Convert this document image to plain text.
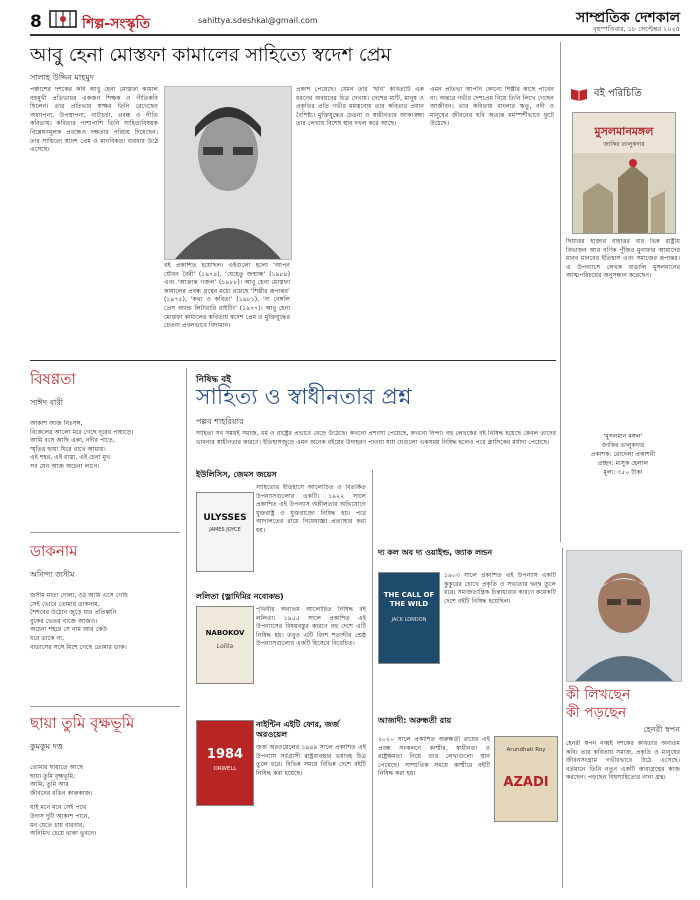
8	শিল্প-সংস্কৃতি	sahittya.sdeshkal@gmail.com	সাম্প্রতিক দেশকাল
বৃহস্পতিবার, ১৮ সেপ্টেম্বর ২০২৫
আবু হেনা মোস্তফা কামালের সাহিত্যে স্বদেশ প্রেম
সালাহ উদ্দিন মাহমুদ
পঞ্চাশের দশকের কবি আবু হেনা মোস্তফা কামাল বহুমুখী প্রতিভাধর একজন শিক্ষক ও গীতিকবি ছিলেন। তার প্রতিভার স্বাক্ষর তিনি রেখেছেন অধ্যাপনা, উপস্থাপনা, নাট্যচর্চা, প্রবন্ধ ও গীতি কবিতায়। কবিতার পাশাপাশি তিনি সাহিত্যবিষয়ক বিশ্লেষণমূলক প্রবন্ধেও দক্ষতার পরিচয় দিয়েছেন। তার সাহিত্যে স্বদেশ প্রেম ও মানবিকতা বারবার উঠে এসেছে।
বই প্রকাশিত হয়েছিল। এইগুলো হলো ‘আপন যৌবন বৈরী’ (১৯৭৪), ‘যেহেতু জন্মান্ধ’ (১৯৮৪) এবং ‘আক্রান্ত গজল’ (১৯৮৮)। আবু হেনা মোস্তফা কামালের প্রবন্ধ গ্রন্থের মধ্যে রয়েছে ‘শিল্পীর রূপান্তর’ (১৯৭৫), ‘কথা ও কবিতা’ (১৯৮১), ‘দ্য বেঙ্গলি প্রেস অ্যান্ড লিটারারি রাইটিং’ (১৯৭৭)। আবু হেনা মোস্তফা কামালের কবিতায় স্বদেশ প্রেম ও মুক্তিযুদ্ধের চেতনা প্রবলভাবে বিদ্যমান।
প্রকাশ পেয়েছে। যেমন তার ‘ছবি’ কবিতাটি এক ধরনের অবয়বের চিত্র দেখায়। দেশের মাটি, মানুষ ও প্রকৃতির প্রতি গভীর মমত্ববোধ তার কবিতার প্রধান বৈশিষ্ট্য। মুক্তিযুদ্ধের চেতনা ও স্বাধীনতার আকাঙ্ক্ষা তার লেখায় বিশেষ স্থান দখল করে আছে।
এমন প্রতিভা আপনি কোনো শিল্পীর কাছে পাবেন না। অন্তরে গভীর দেশপ্রেম নিয়ে তিনি লিখে গেছেন আজীবন। তার কবিতায় বাংলার ঋতু, নদী ও মানুষের জীবনের ছবি অত্যন্ত মর্মস্পর্শীভাবে ফুটে উঠেছে।
বই পরিচিতি
মুসলমানমঙ্গল
জাকির তালুকদার
ছিয়াত্তর হাজার বাহাত্তর বার ভিন্ন রাষ্ট্রীয় বিভাজন আর বর্ণিক পুঁজির মুনাফার আমাদের মানব মানবের ইতিহাস এবং সমাজের রূপান্তর। এ উপন্যাসে লেখক বাঙালি মুসলমানের আত্মপরিচয়ের অনুসন্ধান করেছেন।
‘মুসলমান মঙ্গল’
জাকির তালুকদার
প্রকাশক: রোদেলা প্রকাশনী
প্রচ্ছদ: মাসুক হেলাল
মূল্য: ৩৫০ টাকা
বিষণ্ণতা
সাঈদ বারী
আকাশ আজ নিঃসঙ্গ,
বিকেলের আলো মরে গেছে দূরের পাহাড়ে।
আমি বসে আছি একা, নদীর পাড়ে,
স্মৃতির ছায়া ঘিরে রাখে আমায়।
এই শহর, এই রাস্তা, এই চেনা মুখ
সব যেন আজ অচেনা লাগে।
ডাকনাম
অনিন্দ্য জসীম
জসীম মাতা দোলা, ওঠ আমি এসে গেছি
সেই ভোরে তোমার ডাকনাম,
শৈশবের উঠোন জুড়ে যার প্রতিধ্বনি
বুকের ভেতর বাজে আজও।
অচেনা শহরে সে নাম আর কেউ
ধরে ডাকে না,
বাতাসের সঙ্গে মিশে গেছে তোমার ডাক।
ছায়া তুমি বৃক্ষভূমি
কুমকুম দত্ত
তোমার ছায়াতে আছে
ছায়া তুমি বৃক্ষভূমি;
আমি, তুমি আর
জীবনের রঙিন কারুকাজ।
যাই মনে মনে সেই পথে
উদাস দুটি আকাশ পানে,
মন যেতে চায় বারবার,
অনিমিখ চেয়ে থাকা ভুবনে।
নিষিদ্ধ বই
সাহিত্য ও স্বাধীনতার প্রশ্ন
পল্লব শাহরিয়ার
সাহিত্য সব সময়ই সমাজ, ধর্ম ও রাষ্ট্রের প্রভাবে বেড়ে উঠেছে। কখনো প্রশংসা পেয়েছে, কখনো নিন্দা। বহু লেখকের বই নিষিদ্ধ হয়েছে কেবল তাদের ভাবনার স্বাধীনতার কারণে। ইতিহাসজুড়ে এমন অনেক বইয়ের উদাহরণ পাওয়া যায় যেগুলো একসময় নিষিদ্ধ হলেও পরে ক্লাসিকের মর্যাদা পেয়েছে।
ULYSSES
JAMES JOYCE
ইউলিসিস, জেমস জয়েস
সাহিত্যের ইতিহাসে আলোচিত ও বিতর্কিত উপন্যাসগুলোর একটি। ১৯২২ সালে প্রকাশিত এই উপন্যাস অশ্লীলতার অভিযোগে যুক্তরাষ্ট্র ও যুক্তরাজ্যে নিষিদ্ধ হয়। পরে আদালতের রায়ে নিষেধাজ্ঞা প্রত্যাহার করা হয়।
ললিতা (ভ্লাদিমির নবোকভ)
NABOKOV
Lolita
পৃথিবীর অন্যতম আলোচিত নিষিদ্ধ বই ললিতা। ১৯৫৫ সালে প্রকাশিত এই উপন্যাসের বিষয়বস্তুর কারণে বহু দেশে এটি নিষিদ্ধ হয়। তবুও এটি বিংশ শতাব্দীর শ্রেষ্ঠ উপন্যাসগুলোর একটি হিসেবে বিবেচিত।
1984
ORWELL
নাইন্টিন এইটি ফোর, জর্জ অরওয়েল
জর্জ অরওয়েলের ১৯৪৯ সালে প্রকাশিত এই উপন্যাস সর্বগ্রাসী রাষ্ট্রব্যবস্থার ভয়াবহ চিত্র তুলে ধরে। বিভিন্ন সময়ে বিভিন্ন দেশে বইটি নিষিদ্ধ করা হয়েছে।
দ্য কল অব দ্য ওয়াইল্ড, জ্যাক লন্ডন
THE CALL OF THE WILD
JACK LONDON
১৯০৩ সালে প্রকাশিত এই উপন্যাস একটি কুকুরের চোখে প্রকৃতি ও সভ্যতার দ্বন্দ্ব তুলে ধরে। সমাজতান্ত্রিক চিন্তাধারার কারণে কয়েকটি দেশে বইটি নিষিদ্ধ হয়েছিল।
আজাদী: অরুন্ধতী রায়
Arundhati Roy
AZADI
২০২০ সালে প্রকাশিত অরুন্ধতী রায়ের এই প্রবন্ধ সংকলনে কাশ্মীর, স্বাধীনতা ও রাষ্ট্রক্ষমতা নিয়ে তার লেখাগুলো স্থান পেয়েছে। সাম্প্রতিক সময়ে কাশ্মীরে বইটি নিষিদ্ধ করা হয়।
কী লিখছেন
কী পড়ছেন
হেনরী স্বপন
হেনরী স্বপন নব্বই দশকের কবিতার অন্যতম কবি। তার কবিতায় সমাজ, প্রকৃতি ও মানুষের জীবনসংগ্রাম গভীরভাবে উঠে এসেছে। বর্তমানে তিনি নতুন একটি কাব্যগ্রন্থের কাজ করছেন। পড়ছেন বিশ্বসাহিত্যের নানা গ্রন্থ।
